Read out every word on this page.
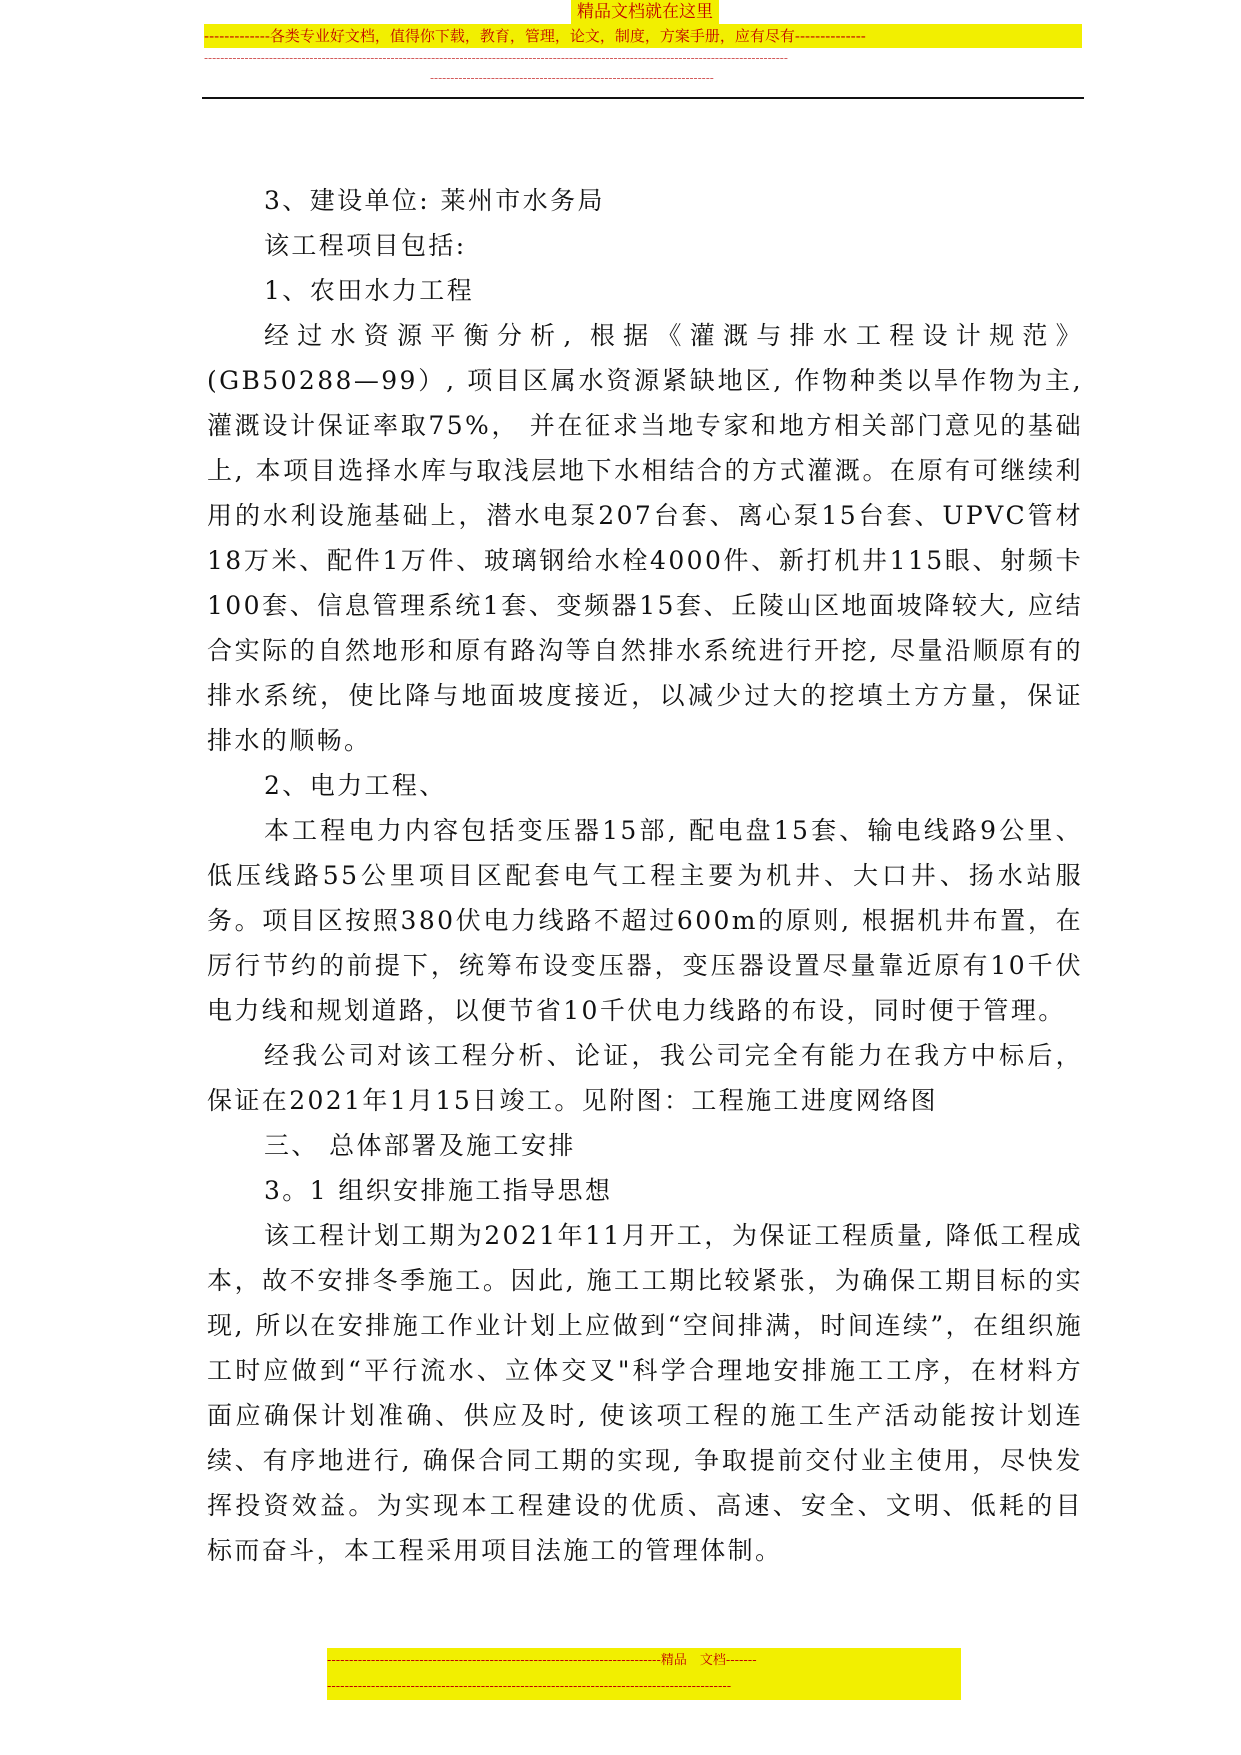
精品文档就在这里
-------------各类专业好文档，值得你下载，教育，管理，论文，制度，方案手册，应有尽有--------------
------------------------------------------------------------------------------------------------------------------------------------------------
----------------------------------------------------------------------

3、建设单位: 莱州市水务局

该工程项目包括:

1、农田水力工程

经过水资源平衡分析, 根据《灌溉与排水工程设计规范》(GB50288—99）, 项目区属水资源紧缺地区, 作物种类以旱作物为主, 灌溉设计保证率取75%， 并在征求当地专家和地方相关部门意见的基础上, 本项目选择水库与取浅层地下水相结合的方式灌溉。在原有可继续利用的水利设施基础上，潜水电泵207台套、离心泵15台套、UPVC管材18万米、配件1万件、玻璃钢给水栓4000件、新打机井115眼、射频卡100套、信息管理系统1套、变频器15套、丘陵山区地面坡降较大, 应结合实际的自然地形和原有路沟等自然排水系统进行开挖, 尽量沿顺原有的排水系统，使比降与地面坡度接近，以减少过大的挖填土方方量，保证排水的顺畅。

2、电力工程、

本工程电力内容包括变压器15部, 配电盘15套、输电线路9公里、低压线路55公里项目区配套电气工程主要为机井、大口井、扬水站服务。项目区按照380伏电力线路不超过600m的原则, 根据机井布置，在厉行节约的前提下，统筹布设变压器，变压器设置尽量靠近原有10千伏电力线和规划道路，以便节省10千伏电力线路的布设，同时便于管理。

经我公司对该工程分析、论证，我公司完全有能力在我方中标后，保证在2021年1月15日竣工。见附图：工程施工进度网络图

三、 总体部署及施工安排

3。1 组织安排施工指导思想

该工程计划工期为2021年11月开工，为保证工程质量, 降低工程成本，故不安排冬季施工。因此, 施工工期比较紧张，为确保工期目标的实现, 所以在安排施工作业计划上应做到“空间排满，时间连续”，在组织施工时应做到“平行流水、立体交叉"科学合理地安排施工工序，在材料方面应确保计划准确、供应及时, 使该项工程的施工生产活动能按计划连续、有序地进行, 确保合同工期的实现, 争取提前交付业主使用，尽快发挥投资效益。为实现本工程建设的优质、高速、安全、文明、低耗的目标而奋斗，本工程采用项目法施工的管理体制。

----------------------------------------------------------------------------精品　文档-------
--------------------------------------------------------------------------------------------
